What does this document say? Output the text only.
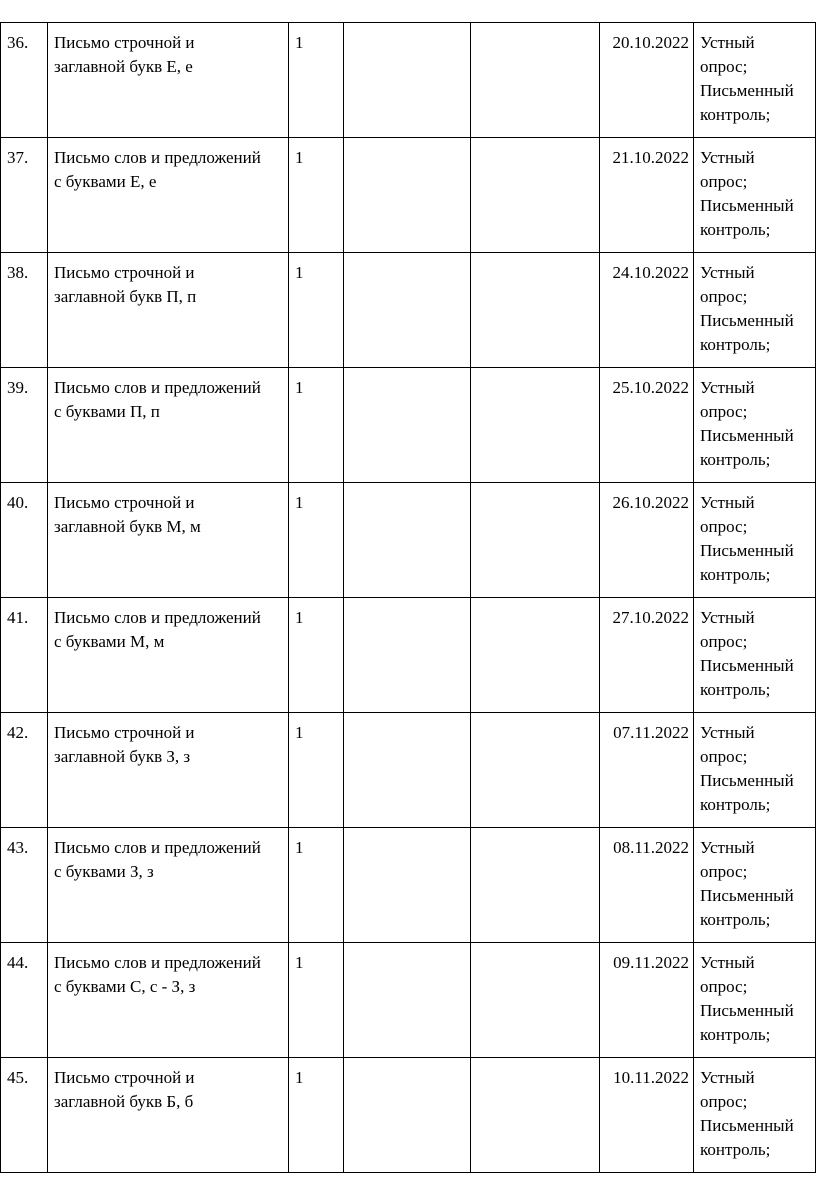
36.	Письмо строчной и
заглавной букв Е, е	1			20.10.2022	Устный
опрос;
Письменный
контроль;

37.	Письмо слов и предложений
с буквами Е, е	1			21.10.2022	Устный
опрос;
Письменный
контроль;

38.	Письмо строчной и
заглавной букв П, п	1			24.10.2022	Устный
опрос;
Письменный
контроль;

39.	Письмо слов и предложений
с буквами П, п	1			25.10.2022	Устный
опрос;
Письменный
контроль;

40.	Письмо строчной и
заглавной букв М, м	1			26.10.2022	Устный
опрос;
Письменный
контроль;

41.	Письмо слов и предложений
с буквами М, м	1			27.10.2022	Устный
опрос;
Письменный
контроль;

42.	Письмо строчной и
заглавной букв З, з	1			07.11.2022	Устный
опрос;
Письменный
контроль;

43.	Письмо слов и предложений
с буквами З, з	1			08.11.2022	Устный
опрос;
Письменный
контроль;

44.	Письмо слов и предложений
с буквами С, с - З, з	1			09.11.2022	Устный
опрос;
Письменный
контроль;

45.	Письмо строчной и
заглавной букв Б, б	1			10.11.2022	Устный
опрос;
Письменный
контроль;
